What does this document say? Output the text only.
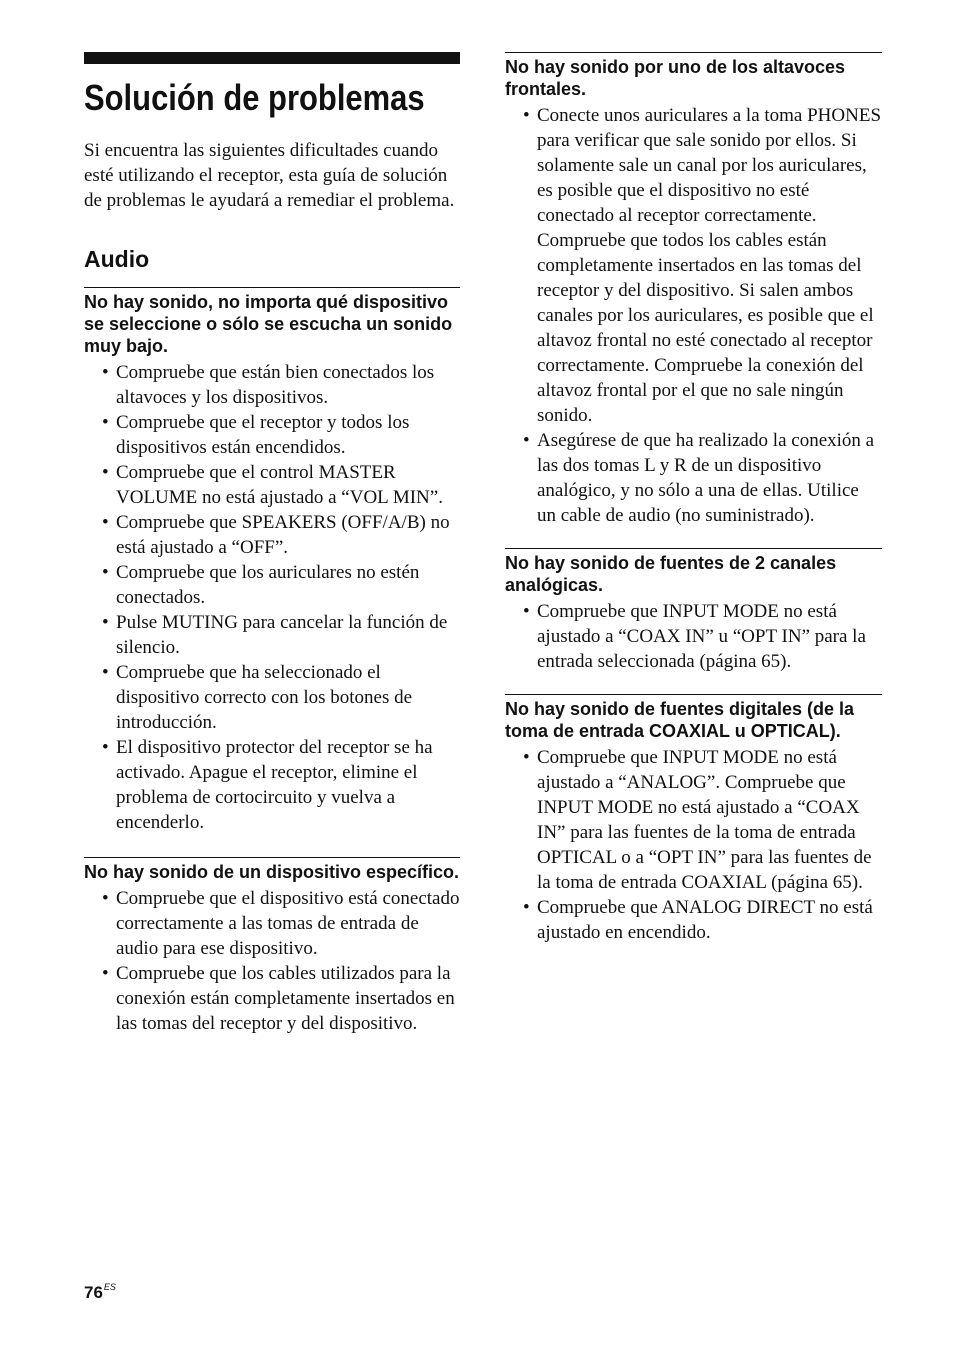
Solución de problemas

Si encuentra las siguientes dificultades cuando esté utilizando el receptor, esta guía de solución de problemas le ayudará a remediar el problema.

Audio
No hay sonido, no importa qué dispositivo se seleccione o sólo se escucha un sonido muy bajo.
• Compruebe que están bien conectados los altavoces y los dispositivos.
• Compruebe que el receptor y todos los dispositivos están encendidos.
• Compruebe que el control MASTER VOLUME no está ajustado a “VOL MIN”.
• Compruebe que SPEAKERS (OFF/A/B) no está ajustado a “OFF”.
• Compruebe que los auriculares no estén conectados.
• Pulse MUTING para cancelar la función de silencio.
• Compruebe que ha seleccionado el dispositivo correcto con los botones de introducción.
• El dispositivo protector del receptor se ha activado. Apague el receptor, elimine el problema de cortocircuito y vuelva a encenderlo.
No hay sonido de un dispositivo específico.
• Compruebe que el dispositivo está conectado correctamente a las tomas de entrada de audio para ese dispositivo.
• Compruebe que los cables utilizados para la conexión están completamente insertados en las tomas del receptor y del dispositivo.
No hay sonido por uno de los altavoces frontales.
• Conecte unos auriculares a la toma PHONES para verificar que sale sonido por ellos. Si solamente sale un canal por los auriculares, es posible que el dispositivo no esté conectado al receptor correctamente. Compruebe que todos los cables están completamente insertados en las tomas del receptor y del dispositivo. Si salen ambos canales por los auriculares, es posible que el altavoz frontal no esté conectado al receptor correctamente. Compruebe la conexión del altavoz frontal por el que no sale ningún sonido.
• Asegúrese de que ha realizado la conexión a las dos tomas L y R de un dispositivo analógico, y no sólo a una de ellas. Utilice un cable de audio (no suministrado).
No hay sonido de fuentes de 2 canales analógicas.
• Compruebe que INPUT MODE no está ajustado a “COAX IN” u “OPT IN” para la entrada seleccionada (página 65).
No hay sonido de fuentes digitales (de la toma de entrada COAXIAL u OPTICAL).
• Compruebe que INPUT MODE no está ajustado a “ANALOG”. Compruebe que INPUT MODE no está ajustado a “COAX IN” para las fuentes de la toma de entrada OPTICAL o a “OPT IN” para las fuentes de la toma de entrada COAXIAL (página 65).
• Compruebe que ANALOG DIRECT no está ajustado en encendido.
$76^{ES}$
